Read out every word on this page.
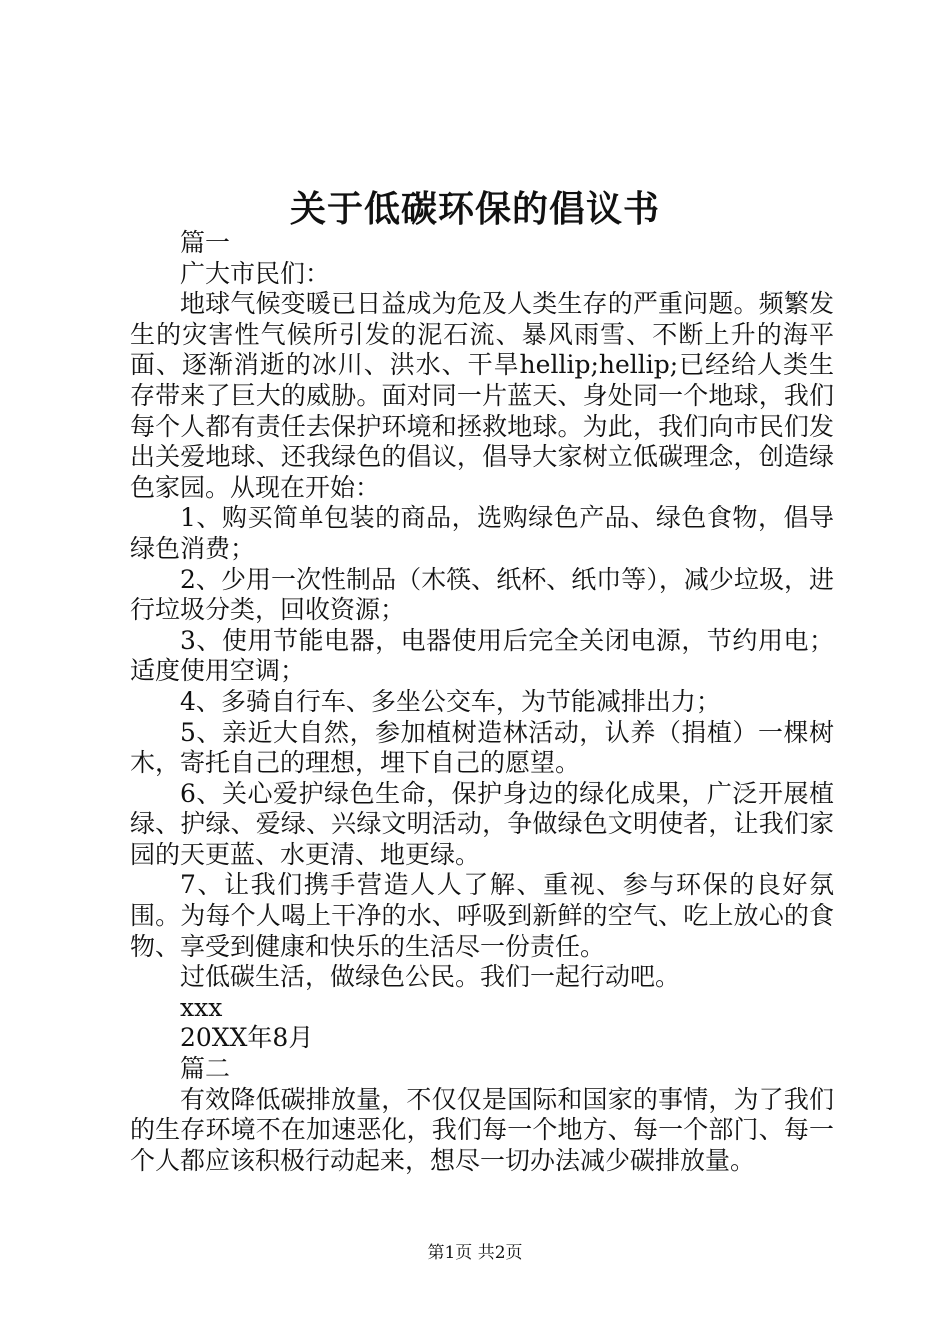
关于低碳环保的倡议书

篇一

广大市民们：

地球气候变暖已日益成为危及人类生存的严重问题。频繁发生的灾害性气候所引发的泥石流、暴风雨雪、不断上升的海平面、逐渐消逝的冰川、洪水、干旱hellip;hellip;已经给人类生存带来了巨大的威胁。面对同一片蓝天、身处同一个地球，我们每个人都有责任去保护环境和拯救地球。为此，我们向市民们发出关爱地球、还我绿色的倡议，倡导大家树立低碳理念，创造绿色家园。从现在开始：

1、购买简单包装的商品，选购绿色产品、绿色食物，倡导绿色消费；

2、少用一次性制品（木筷、纸杯、纸巾等），减少垃圾，进行垃圾分类，回收资源；

3、使用节能电器，电器使用后完全关闭电源，节约用电；适度使用空调；

4、多骑自行车、多坐公交车，为节能减排出力；

5、亲近大自然，参加植树造林活动，认养（捐植）一棵树木，寄托自己的理想，埋下自己的愿望。

6、关心爱护绿色生命，保护身边的绿化成果，广泛开展植绿、护绿、爱绿、兴绿文明活动，争做绿色文明使者，让我们家园的天更蓝、水更清、地更绿。

7、让我们携手营造人人了解、重视、参与环保的良好氛围。为每个人喝上干净的水、呼吸到新鲜的空气、吃上放心的食物、享受到健康和快乐的生活尽一份责任。

过低碳生活，做绿色公民。我们一起行动吧。

xxx

20XX年8月

篇二

有效降低碳排放量，不仅仅是国际和国家的事情，为了我们的生存环境不在加速恶化，我们每一个地方、每一个部门、每一个人都应该积极行动起来，想尽一切办法减少碳排放量。

第1页 共2页
